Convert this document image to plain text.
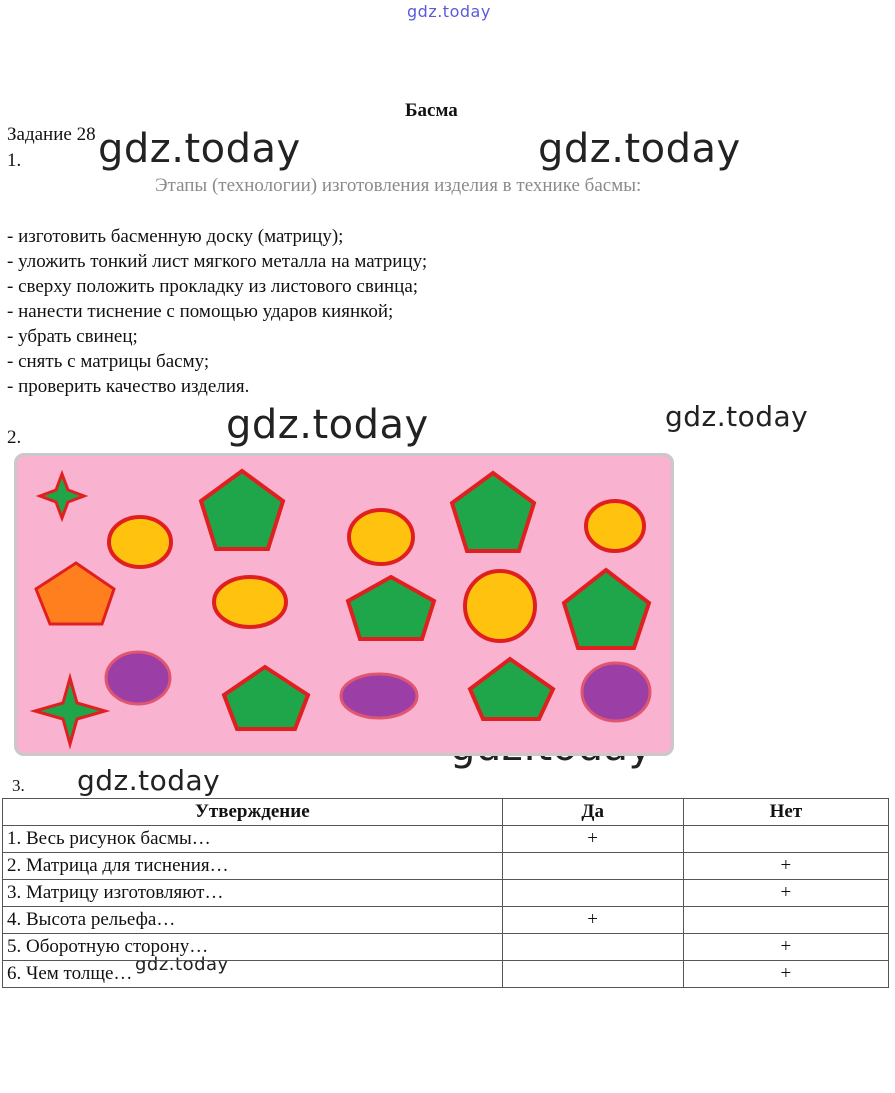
gdz.today
gdz.today	gdz.today
gdz.today	gdz.today
gdz.today
gdz.today
Басма
Задание 28
1.
Этапы (технологии) изготовления изделия в технике басмы:
- изготовить басменную доску (матрицу);
- уложить тонкий лист мягкого металла на матрицу;
- сверху положить прокладку из листового свинца;
- нанести тиснение с помощью ударов киянкой;
- убрать свинец;
- снять с матрицы басму;
- проверить качество изделия.
2.
3.
Утверждение	Да	Нет
1. Весь рисунок басмы…	+	
2. Матрица для тиснения…		+
3. Матрицу изготовляют…		+
4. Высота рельефа…	+	
5. Оборотную сторону…		+
6. Чем толще…		+
